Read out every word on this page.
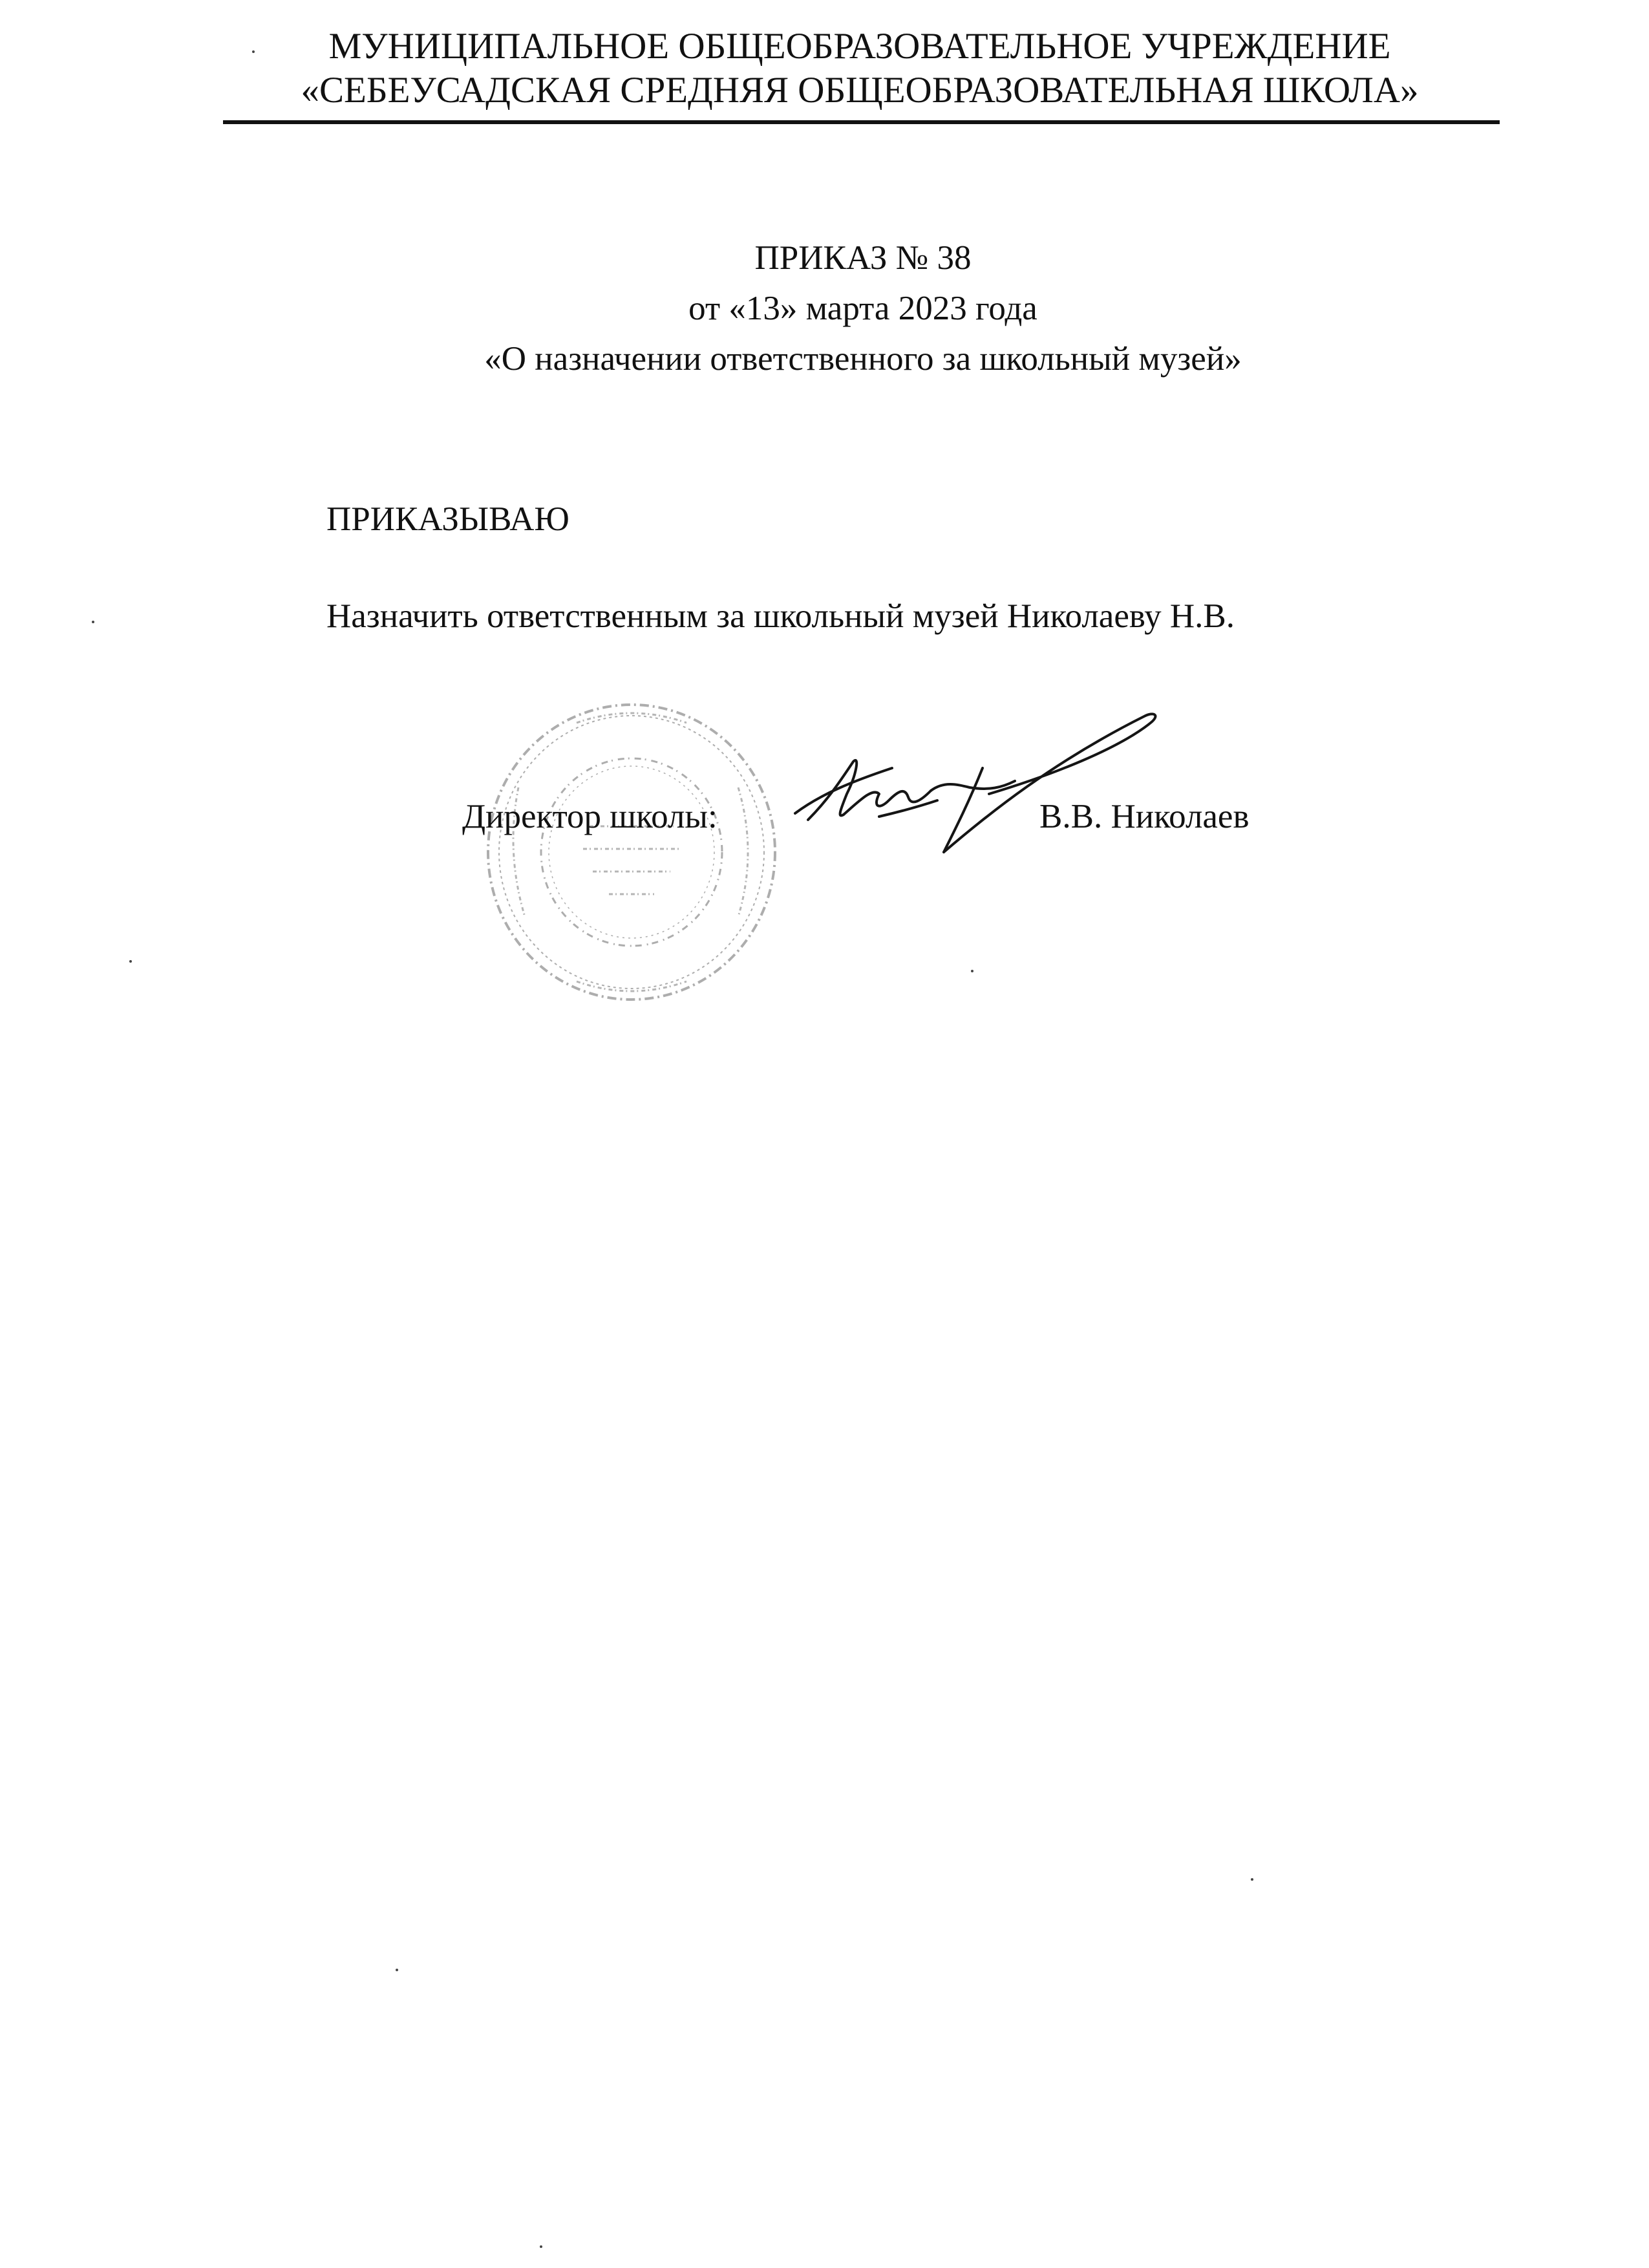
МУНИЦИПАЛЬНОЕ ОБЩЕОБРАЗОВАТЕЛЬНОЕ УЧРЕЖДЕНИЕ
«СЕБЕУСАДСКАЯ СРЕДНЯЯ ОБЩЕОБРАЗОВАТЕЛЬНАЯ ШКОЛА»
ПРИКАЗ № 38
от «13» марта 2023 года
«О назначении ответственного за школьный музей»
ПРИКАЗЫВАЮ
Назначить ответственным за школьный музей Николаеву Н.В.
Директор школы:	В.В. Николаев
